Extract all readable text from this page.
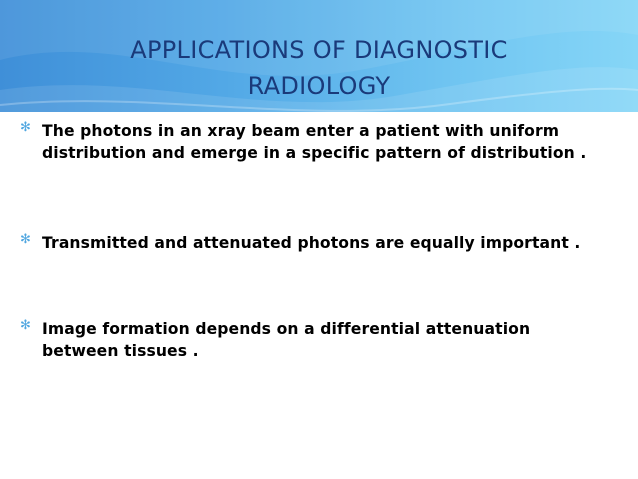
APPLICATIONS OF DIAGNOSTIC
RADIOLOGY

✻ The photons in an xray beam enter a patient with uniform distribution and emerge in a specific pattern of distribution .

✻ Transmitted and attenuated photons are equally important .

✻ Image formation depends on a differential attenuation between tissues .
